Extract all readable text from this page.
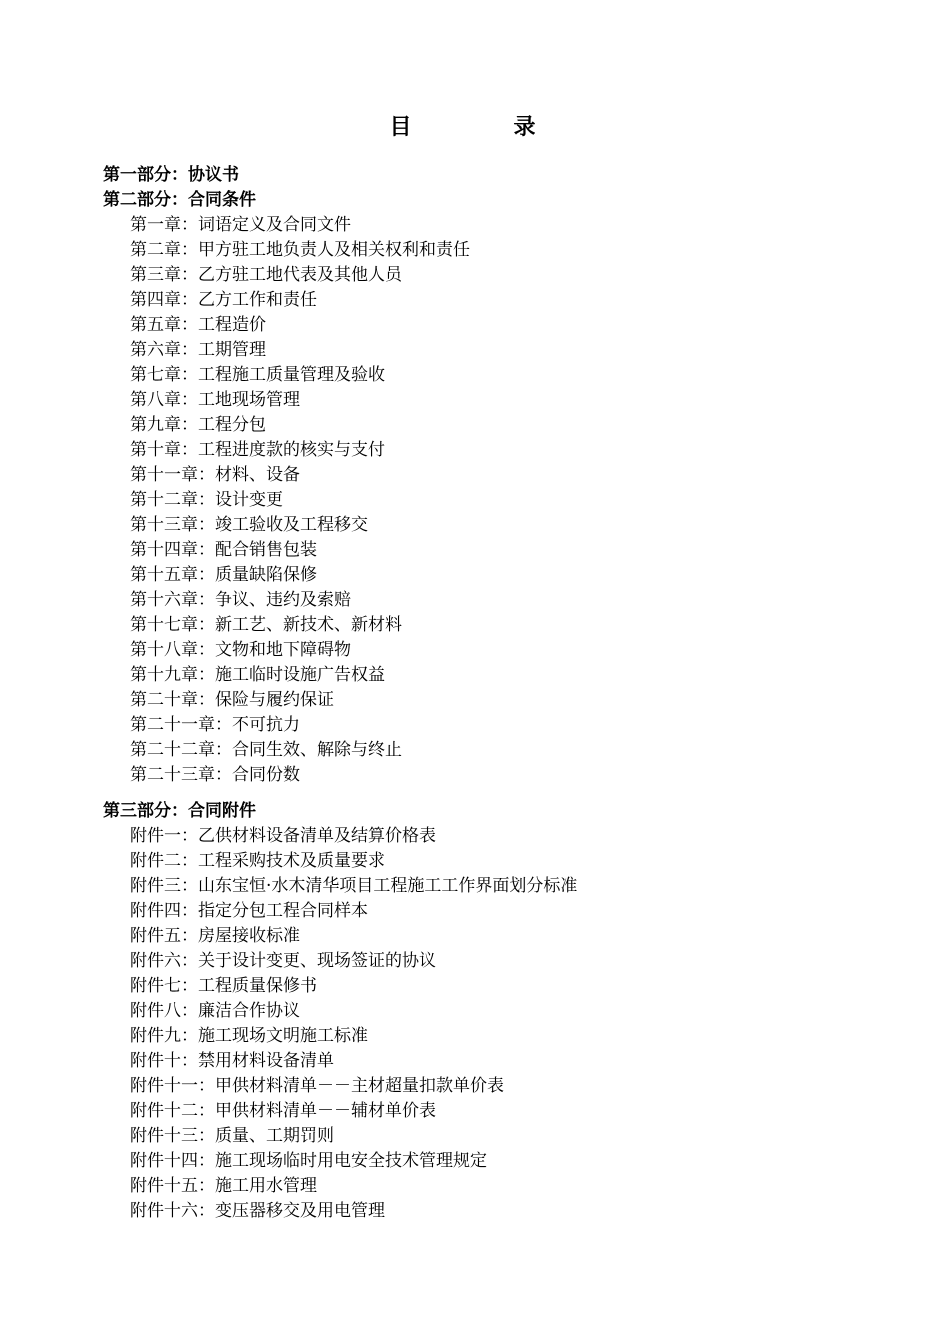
目　录
第一部分：协议书
第二部分：合同条件
第一章：词语定义及合同文件
第二章：甲方驻工地负责人及相关权利和责任
第三章：乙方驻工地代表及其他人员
第四章：乙方工作和责任
第五章：工程造价
第六章：工期管理
第七章：工程施工质量管理及验收
第八章：工地现场管理
第九章：工程分包
第十章：工程进度款的核实与支付
第十一章：材料、设备
第十二章：设计变更
第十三章：竣工验收及工程移交
第十四章：配合销售包装
第十五章：质量缺陷保修
第十六章：争议、违约及索赔
第十七章：新工艺、新技术、新材料
第十八章：文物和地下障碍物
第十九章：施工临时设施广告权益
第二十章：保险与履约保证
第二十一章：不可抗力
第二十二章：合同生效、解除与终止
第二十三章：合同份数
第三部分：合同附件
附件一：乙供材料设备清单及结算价格表
附件二：工程采购技术及质量要求
附件三：山东宝恒·水木清华项目工程施工工作界面划分标准
附件四：指定分包工程合同样本
附件五：房屋接收标准
附件六：关于设计变更、现场签证的协议
附件七：工程质量保修书
附件八：廉洁合作协议
附件九：施工现场文明施工标准
附件十：禁用材料设备清单
附件十一：甲供材料清单－－主材超量扣款单价表
附件十二：甲供材料清单－－辅材单价表
附件十三：质量、工期罚则
附件十四：施工现场临时用电安全技术管理规定
附件十五：施工用水管理
附件十六：变压器移交及用电管理
